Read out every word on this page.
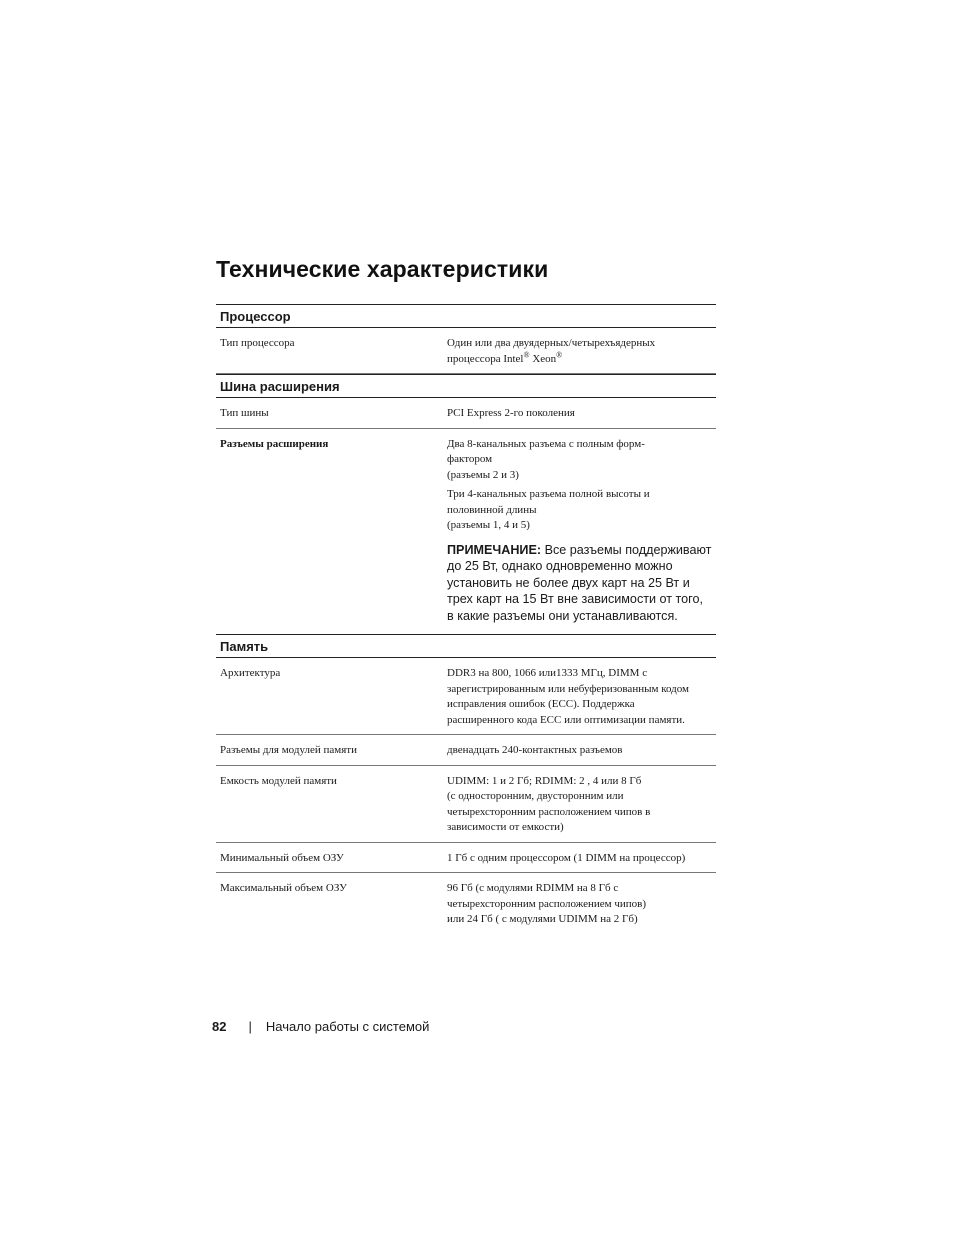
Технические характеристики
Процессор
Тип процессора	Один или два двуядерных/четырехъядерных
процессора Intel® Xeon®

Шина расширения
Тип шины	PCI Express 2-го поколения
Разъемы расширения	Два 8-канальных разъема с полным форм-
фактором
(разъемы 2 и 3)

Три 4-канальных разъема полной высоты и
половинной длины
(разъемы 1, 4 и 5)

ПРИМЕЧАНИЕ: Все разъемы поддерживают до 25 Вт, однако одновременно можно установить не более двух карт на 25 Вт и трех карт на 15 Вт вне зависимости от того, в какие разъемы они устанавливаются.
Память
Архитектура	DDR3 на 800, 1066 или1333 МГц, DIMM с
зарегистрированным или небуферизованным кодом
исправления ошибок (ECC). Поддержка
расширенного кода ECC или оптимизации памяти.

Разъемы для модулей памяти	двенадцать 240-контактных разъемов

Емкость модулей памяти	UDIMM: 1 и 2 Гб; RDIMM: 2 , 4 или 8 Гб
(с односторонним, двусторонним или
четырехсторонним расположением чипов в
зависимости от емкости)

Минимальный объем ОЗУ	1 Гб с одним процессором (1 DIMM на процессор)

Максимальный объем ОЗУ	96 Гб (с модулями RDIMM на 8 Гб с
четырехсторонним расположением чипов)
или 24 Гб ( с модулями UDIMM на 2 Гб)

82 | Начало работы с системой
